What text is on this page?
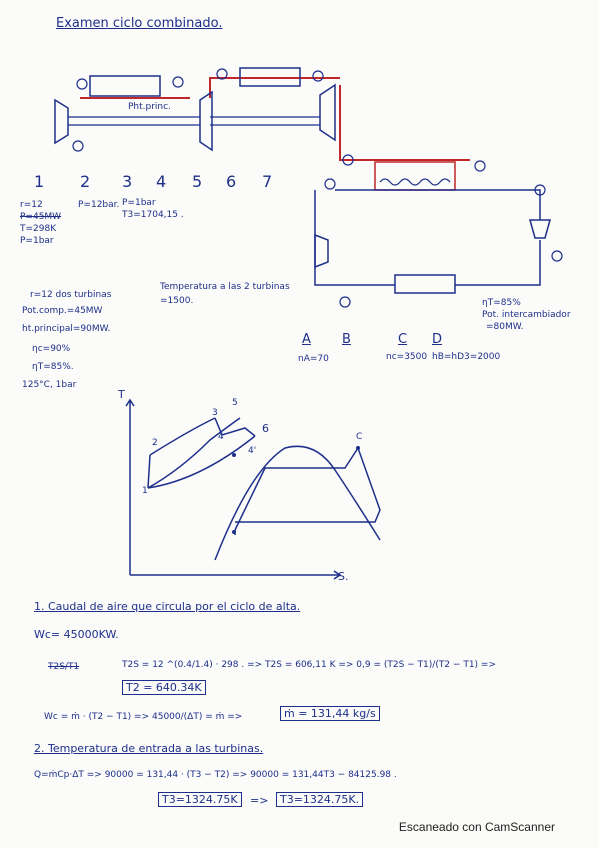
Examen ciclo combinado.
Pht.princ.
1 2 3 4 5 6 7
r=12
P=45MW
T=298K
P=1bar
P=12bar. P=1bar
T3=1704,15 .
r=12 dos turbinas
Pot.comp.=45MW
ht.principal=90MW.
ηc=90%
ηT=85%.
125°C, 1bar
Temperatura a las 2 turbinas
=1500.	ηT=85%
Pot. intercambiador
=80MW.
A B	C D
nA=70	nc=3500 hB=hD3=2000
T
S.
1
2
3
4
5
6
4'
C
1. Caudal de aire que circula por el ciclo de alta.
Wc= 45000KW.
T2S/T1	T2S = 12 ^(0.4/1.4) · 298 . => T2S = 606,11 K => 0,9 = (T2S − T1)/(T2 − T1) =>
T2 = 640.34K
Wc = ṁ · (T2 − T1) => 45000/(ΔT) = ṁ =>	ṁ = 131,44 kg/s
2. Temperatura de entrada a las turbinas.
Q=ṁCp·ΔT => 90000 = 131,44 · (T3 − T2) => 90000 = 131,44T3 − 84125.98 .
T3=1324.75K	=>	T3=1324.75K.
Escaneado con CamScanner
